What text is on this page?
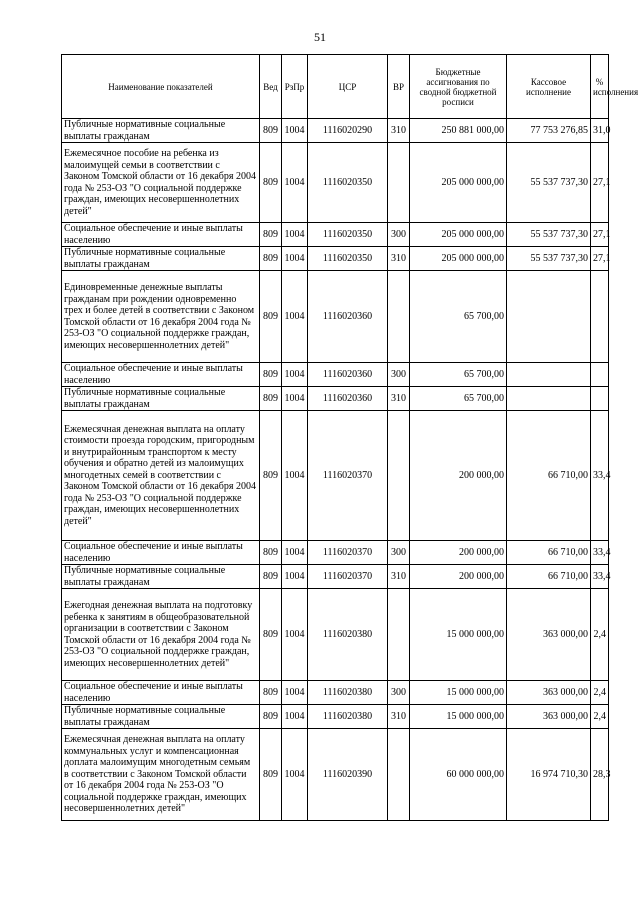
51
Наименование показателей	Вед	РзПр	ЦСР	ВР	Бюджетные ассигнования по сводной бюджетной росписи	Кассовое исполнение	% исполнения
Публичные нормативные социальные выплаты гражданам	809	1004	1116020290	310	250 881 000,00	77 753 276,85	31,0
Ежемесячное пособие на ребенка из малоимущей семьи в соответствии с Законом Томской области от 16 декабря 2004 года № 253-ОЗ "О социальной поддержке граждан, имеющих несовершеннолетних детей"	809	1004	1116020350		205 000 000,00	55 537 737,30	27,1
Социальное обеспечение и иные выплаты населению	809	1004	1116020350	300	205 000 000,00	55 537 737,30	27,1
Публичные нормативные социальные выплаты гражданам	809	1004	1116020350	310	205 000 000,00	55 537 737,30	27,1
Единовременные денежные выплаты гражданам при рождении одновременно трех и более детей в соответствии с Законом Томской области от 16 декабря 2004 года № 253-ОЗ "О социальной поддержке граждан, имеющих несовершеннолетних детей"	809	1004	1116020360		65 700,00		
Социальное обеспечение и иные выплаты населению	809	1004	1116020360	300	65 700,00		
Публичные нормативные социальные выплаты гражданам	809	1004	1116020360	310	65 700,00		
Ежемесячная денежная выплата на оплату стоимости проезда городским, пригородным и внутрирайонным транспортом к месту обучения и обратно детей из малоимущих многодетных семей в соответствии с Законом Томской области от 16 декабря 2004 года № 253-ОЗ "О социальной поддержке граждан, имеющих несовершеннолетних детей"	809	1004	1116020370		200 000,00	66 710,00	33,4
Социальное обеспечение и иные выплаты населению	809	1004	1116020370	300	200 000,00	66 710,00	33,4
Публичные нормативные социальные выплаты гражданам	809	1004	1116020370	310	200 000,00	66 710,00	33,4
Ежегодная денежная выплата на подготовку ребенка к занятиям в общеобразовательной организации в соответствии с Законом Томской области от 16 декабря 2004 года № 253-ОЗ "О социальной поддержке граждан, имеющих несовершеннолетних детей"	809	1004	1116020380		15 000 000,00	363 000,00	2,4
Социальное обеспечение и иные выплаты населению	809	1004	1116020380	300	15 000 000,00	363 000,00	2,4
Публичные нормативные социальные выплаты гражданам	809	1004	1116020380	310	15 000 000,00	363 000,00	2,4
Ежемесячная денежная выплата на оплату коммунальных услуг и компенсационная доплата малоимущим многодетным семьям в соответствии с Законом Томской области от 16 декабря 2004 года № 253-ОЗ "О социальной поддержке граждан, имеющих несовершеннолетних детей"	809	1004	1116020390		60 000 000,00	16 974 710,30	28,3
